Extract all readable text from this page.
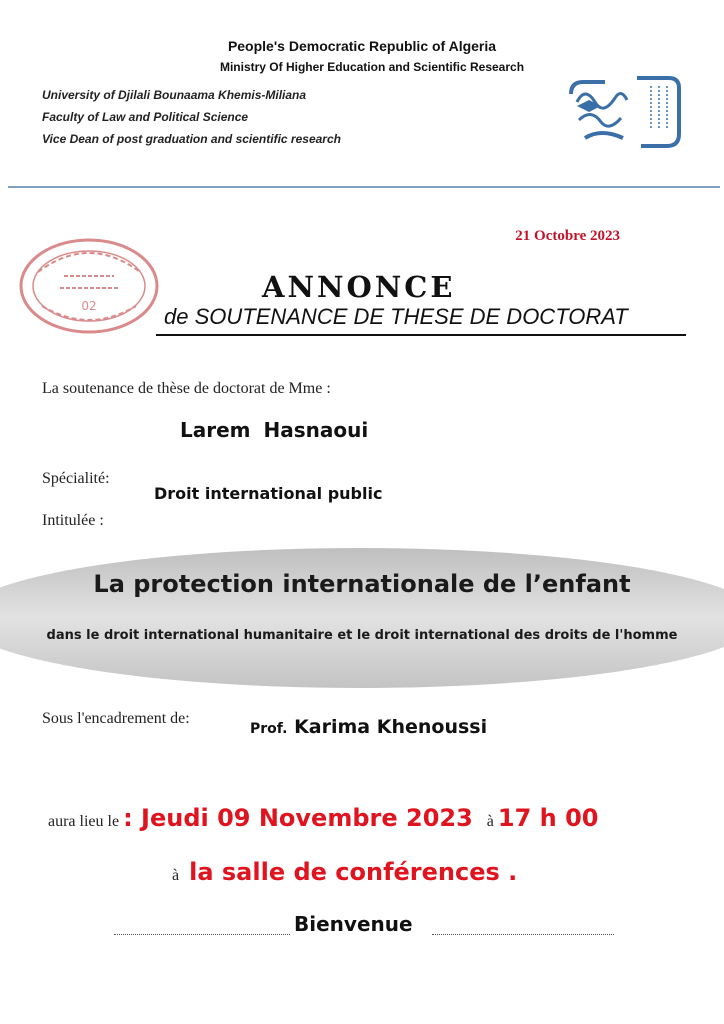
People's Democratic Republic of Algeria
Ministry Of Higher Education and Scientific Research
University of Djilali Bounaama Khemis-Miliana
Faculty of Law and Political Science
Vice Dean of post graduation and scientific research
21 Octobre 2023
02
ANNONCE
de SOUTENANCE DE THESE DE DOCTORAT
La soutenance de thèse de doctorat de Mme :
Larem Hasnaoui
Spécialité:
Droit international public
Intitulée :
La protection internationale de l’enfant
dans le droit international humanitaire et le droit international des droits de l'homme
Sous l'encadrement de:
Prof. Karima Khenoussi
aura lieu le : Jeudi 09 Novembre 2023 à 17 h 00
à la salle de conférences .
Bienvenue
